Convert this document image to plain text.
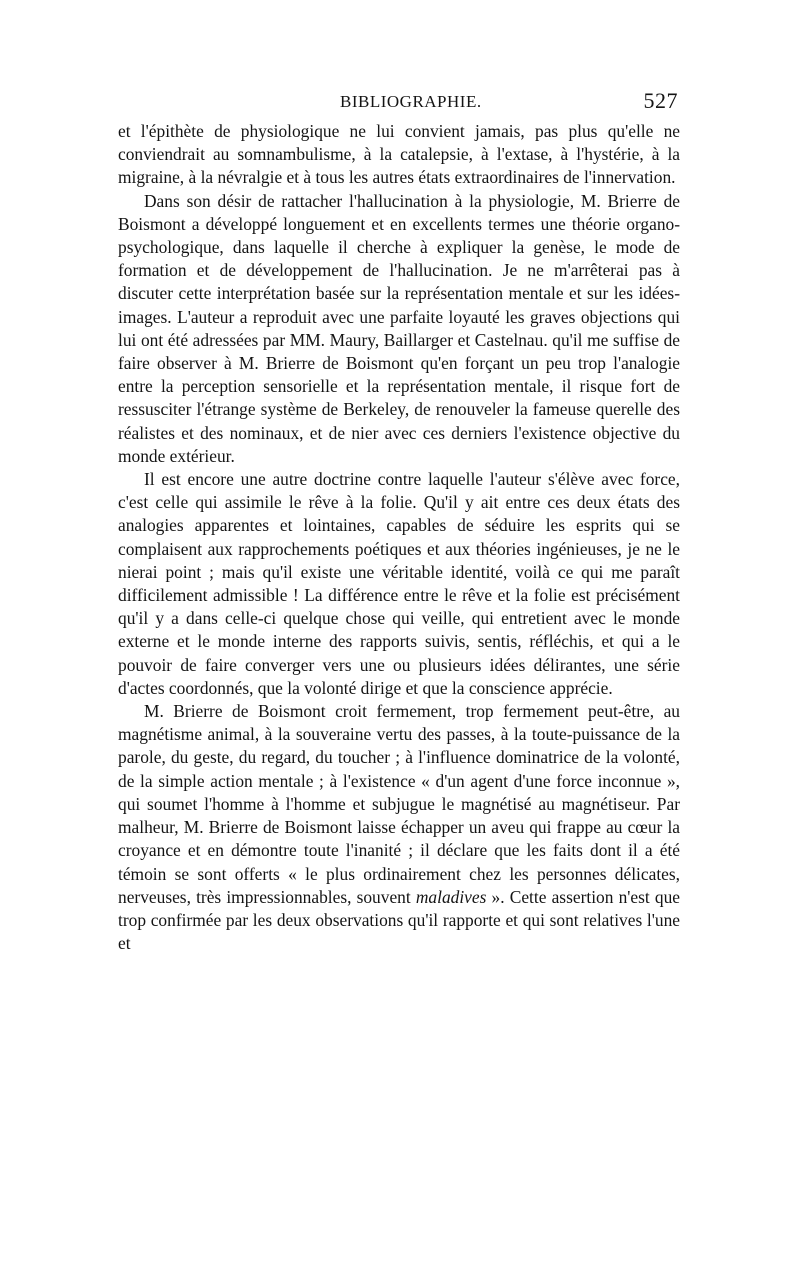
BIBLIOGRAPHIE.	527

et l'épithète de physiologique ne lui convient jamais, pas plus qu'elle ne conviendrait au somnambulisme, à la catalepsie, à l'extase, à l'hystérie, à la migraine, à la névralgie et à tous les autres états extraordinaires de l'innervation.

Dans son désir de rattacher l'hallucination à la physiologie, M. Brierre de Boismont a développé longuement et en excellents termes une théorie organo-psychologique, dans laquelle il cherche à expliquer la genèse, le mode de formation et de développement de l'hallucination. Je ne m'arrêterai pas à discuter cette interprétation basée sur la représentation mentale et sur les idées-images. L'auteur a reproduit avec une parfaite loyauté les graves objections qui lui ont été adressées par MM. Maury, Baillarger et Castelnau. qu'il me suffise de faire observer à M. Brierre de Boismont qu'en forçant un peu trop l'analogie entre la perception sensorielle et la représentation mentale, il risque fort de ressusciter l'étrange système de Berkeley, de renouveler la fameuse querelle des réalistes et des nominaux, et de nier avec ces derniers l'existence objective du monde extérieur.

Il est encore une autre doctrine contre laquelle l'auteur s'élève avec force, c'est celle qui assimile le rêve à la folie. Qu'il y ait entre ces deux états des analogies apparentes et lointaines, capables de séduire les esprits qui se complaisent aux rapprochements poétiques et aux théories ingénieuses, je ne le nierai point ; mais qu'il existe une véritable identité, voilà ce qui me paraît difficilement admissible ! La différence entre le rêve et la folie est précisément qu'il y a dans celle-ci quelque chose qui veille, qui entretient avec le monde externe et le monde interne des rapports suivis, sentis, réfléchis, et qui a le pouvoir de faire converger vers une ou plusieurs idées délirantes, une série d'actes coordonnés, que la volonté dirige et que la conscience apprécie.

M. Brierre de Boismont croit fermement, trop fermement peut-être, au magnétisme animal, à la souveraine vertu des passes, à la toute-puissance de la parole, du geste, du regard, du toucher ; à l'influence dominatrice de la volonté, de la simple action mentale ; à l'existence « d'un agent d'une force inconnue », qui soumet l'homme à l'homme et subjugue le magnétisé au magnétiseur. Par malheur, M. Brierre de Boismont laisse échapper un aveu qui frappe au cœur la croyance et en démontre toute l'inanité ; il déclare que les faits dont il a été témoin se sont offerts « le plus ordinairement chez les personnes délicates, nerveuses, très impressionnables, souvent maladives ». Cette assertion n'est que trop confirmée par les deux observations qu'il rapporte et qui sont relatives l'une et
